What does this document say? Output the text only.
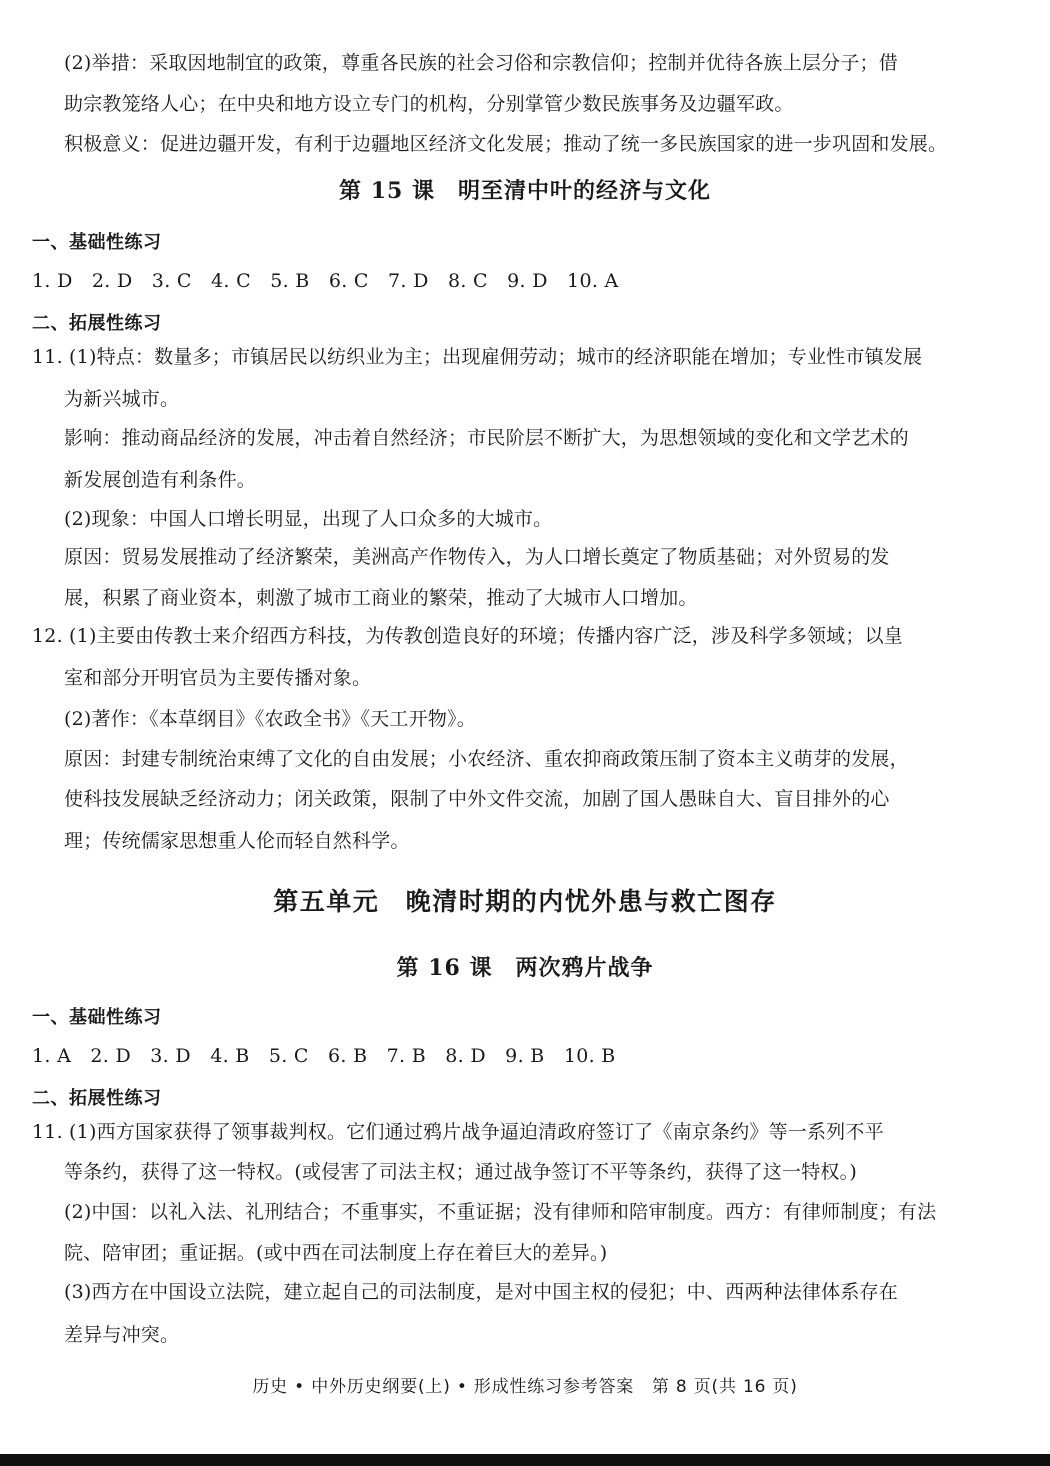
(2)举措：采取因地制宜的政策，尊重各民族的社会习俗和宗教信仰；控制并优待各族上层分子；借
助宗教笼络人心；在中央和地方设立专门的机构，分别掌管少数民族事务及边疆军政。
积极意义：促进边疆开发，有利于边疆地区经济文化发展；推动了统一多民族国家的进一步巩固和发展。
第 15 课　明至清中叶的经济与文化
一、基础性练习
1. D　2. D　3. C　4. C　5. B　6. C　7. D　8. C　9. D　10. A
二、拓展性练习
11. (1)特点：数量多；市镇居民以纺织业为主；出现雇佣劳动；城市的经济职能在增加；专业性市镇发展
为新兴城市。
影响：推动商品经济的发展，冲击着自然经济；市民阶层不断扩大，为思想领域的变化和文学艺术的
新发展创造有利条件。
(2)现象：中国人口增长明显，出现了人口众多的大城市。
原因：贸易发展推动了经济繁荣，美洲高产作物传入，为人口增长奠定了物质基础；对外贸易的发
展，积累了商业资本，刺激了城市工商业的繁荣，推动了大城市人口增加。
12. (1)主要由传教士来介绍西方科技，为传教创造良好的环境；传播内容广泛，涉及科学多领域；以皇
室和部分开明官员为主要传播对象。
(2)著作：《本草纲目》《农政全书》《天工开物》。
原因：封建专制统治束缚了文化的自由发展；小农经济、重农抑商政策压制了资本主义萌芽的发展，
使科技发展缺乏经济动力；闭关政策，限制了中外文件交流，加剧了国人愚昧自大、盲目排外的心
理；传统儒家思想重人伦而轻自然科学。
第五单元　晚清时期的内忧外患与救亡图存
第 16 课　两次鸦片战争
一、基础性练习
1. A　2. D　3. D　4. B　5. C　6. B　7. B　8. D　9. B　10. B
二、拓展性练习
11. (1)西方国家获得了领事裁判权。它们通过鸦片战争逼迫清政府签订了《南京条约》等一系列不平
等条约，获得了这一特权。(或侵害了司法主权；通过战争签订不平等条约，获得了这一特权。)
(2)中国：以礼入法、礼刑结合；不重事实，不重证据；没有律师和陪审制度。西方：有律师制度；有法
院、陪审团；重证据。(或中西在司法制度上存在着巨大的差异。)
(3)西方在中国设立法院，建立起自己的司法制度，是对中国主权的侵犯；中、西两种法律体系存在
差异与冲突。
历史 • 中外历史纲要(上) • 形成性练习参考答案　第 8 页(共 16 页)
